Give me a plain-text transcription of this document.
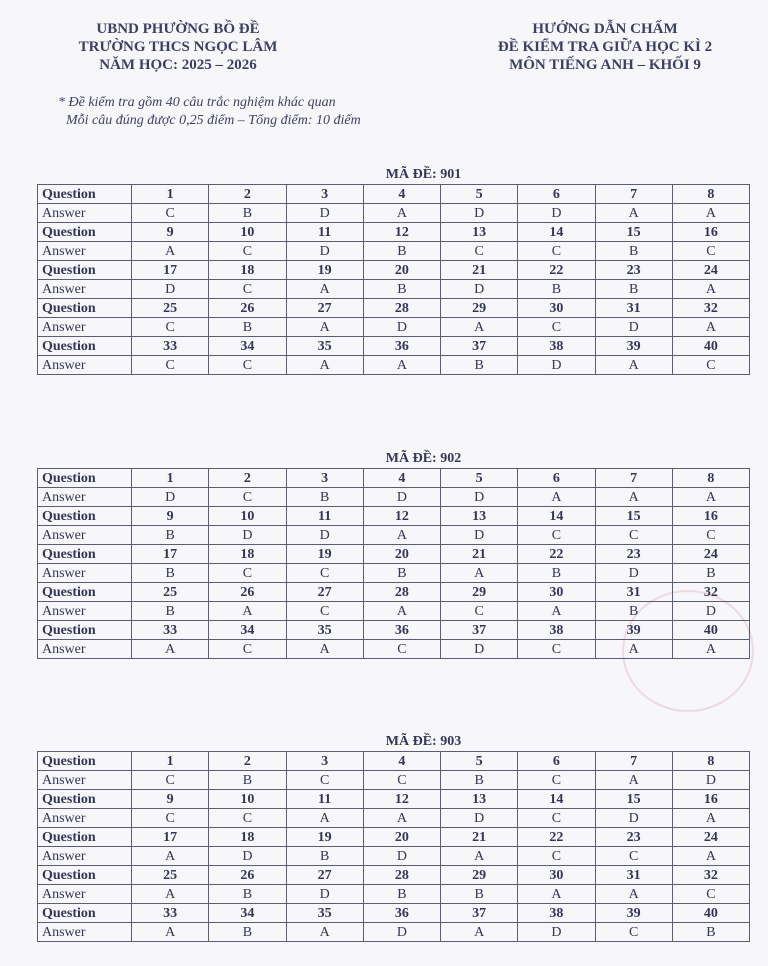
UBND PHƯỜNG BỒ ĐỀ
TRƯỜNG THCS NGỌC LÂM
NĂM HỌC: 2025 – 2026
HƯỚNG DẪN CHẤM
ĐỀ KIỂM TRA GIỮA HỌC KÌ 2
MÔN TIẾNG ANH – KHỐI 9
* Đề kiểm tra gồm 40 câu trắc nghiệm khác quan
Mỗi câu đúng được 0,25 điểm – Tổng điểm: 10 điểm
MÃ ĐỀ: 901
Question	1	2	3	4	5	6	7	8
Answer	C	B	D	A	D	D	A	A
Question	9	10	11	12	13	14	15	16
Answer	A	C	D	B	C	C	B	C
Question	17	18	19	20	21	22	23	24
Answer	D	C	A	B	D	B	B	A
Question	25	26	27	28	29	30	31	32
Answer	C	B	A	D	A	C	D	A
Question	33	34	35	36	37	38	39	40
Answer	C	C	A	A	B	D	A	C
MÃ ĐỀ: 902
Question	1	2	3	4	5	6	7	8
Answer	D	C	B	D	D	A	A	A
Question	9	10	11	12	13	14	15	16
Answer	B	D	D	A	D	C	C	C
Question	17	18	19	20	21	22	23	24
Answer	B	C	C	B	A	B	D	B
Question	25	26	27	28	29	30	31	32
Answer	B	A	C	A	C	A	B	D
Question	33	34	35	36	37	38	39	40
Answer	A	C	A	C	D	C	A	A
MÃ ĐỀ: 903
Question	1	2	3	4	5	6	7	8
Answer	C	B	C	C	B	C	A	D
Question	9	10	11	12	13	14	15	16
Answer	C	C	A	A	D	C	D	A
Question	17	18	19	20	21	22	23	24
Answer	A	D	B	D	A	C	C	A
Question	25	26	27	28	29	30	31	32
Answer	A	B	D	B	B	A	A	C
Question	33	34	35	36	37	38	39	40
Answer	A	B	A	D	A	D	C	B
